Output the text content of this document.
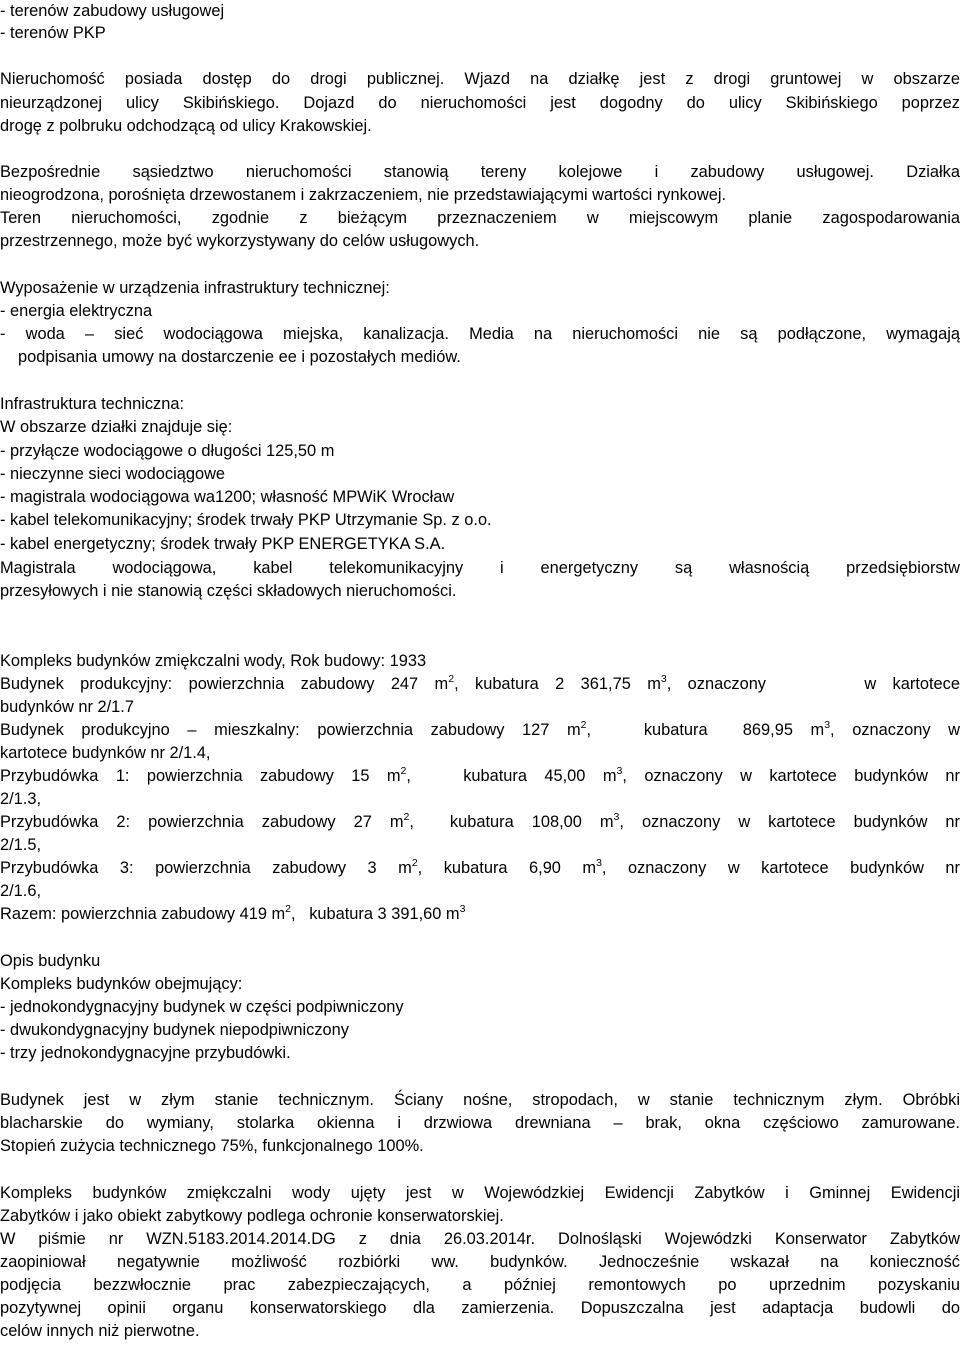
- terenów zabudowy usługowej
- terenów PKP
Nieruchomość posiada dostęp do drogi publicznej. Wjazd na działkę jest z drogi gruntowej w obszarze
nieurządzonej ulicy Skibińskiego. Dojazd do nieruchomości jest dogodny do ulicy Skibińskiego poprzez
drogę z polbruku odchodzącą od ulicy Krakowskiej.
Bezpośrednie sąsiedztwo nieruchomości stanowią tereny kolejowe i zabudowy usługowej. Działka
nieogrodzona, porośnięta drzewostanem i zakrzaczeniem, nie przedstawiającymi wartości rynkowej.
Teren nieruchomości, zgodnie z bieżącym przeznaczeniem w miejscowym planie zagospodarowania
przestrzennego, może być wykorzystywany do celów usługowych.
Wyposażenie w urządzenia infrastruktury technicznej:
- energia elektryczna
- woda – sieć wodociągowa miejska, kanalizacja. Media na nieruchomości nie są podłączone, wymagają
podpisania umowy na dostarczenie ee i pozostałych mediów.
Infrastruktura techniczna:
W obszarze działki znajduje się:
- przyłącze wodociągowe o długości 125,50 m
- nieczynne sieci wodociągowe
- magistrala wodociągowa wa1200; własność MPWiK Wrocław
- kabel telekomunikacyjny; środek trwały PKP Utrzymanie Sp. z o.o.
- kabel energetyczny; środek trwały PKP ENERGETYKA S.A.
Magistrala wodociągowa, kabel telekomunikacyjny i energetyczny są własnością przedsiębiorstw
przesyłowych i nie stanowią części składowych nieruchomości.
Kompleks budynków zmiękczalni wody, Rok budowy: 1933
Budynek produkcyjny: powierzchnia zabudowy 247 $m^2$, kubatura 2 361,75 $m^3$, oznaczony      w kartotece
budynków nr 2/1.7
Budynek produkcyjno – mieszkalny: powierzchnia zabudowy 127 $m^2$,   kubatura  869,95 $m^3$, oznaczony w
kartotece budynków nr 2/1.4,
Przybudówka 1: powierzchnia zabudowy 15 $m^2$,   kubatura 45,00 $m^3$, oznaczony w kartotece budynków nr
2/1.3,
Przybudówka 2: powierzchnia zabudowy 27 $m^2$,  kubatura 108,00 $m^3$, oznaczony w kartotece budynków nr
2/1.5,
Przybudówka 3: powierzchnia zabudowy 3 $m^2$, kubatura 6,90 $m^3$, oznaczony w kartotece budynków nr
2/1.6,
Razem: powierzchnia zabudowy 419 $m^2$,   kubatura 3 391,60 $m^3$
Opis budynku
Kompleks budynków obejmujący:
- jednokondygnacyjny budynek w części podpiwniczony
- dwukondygnacyjny budynek niepodpiwniczony
- trzy jednokondygnacyjne przybudówki.
Budynek jest w złym stanie technicznym. Ściany nośne, stropodach, w stanie technicznym złym. Obróbki
blacharskie do wymiany, stolarka okienna i drzwiowa drewniana – brak, okna częściowo zamurowane.
Stopień zużycia technicznego 75%, funkcjonalnego 100%.
Kompleks budynków zmiękczalni wody ujęty jest w Wojewódzkiej Ewidencji Zabytków i Gminnej Ewidencji
Zabytków i jako obiekt zabytkowy podlega ochronie konserwatorskiej.
W piśmie nr WZN.5183.2014.2014.DG z dnia 26.03.2014r. Dolnośląski Wojewódzki Konserwator Zabytków
zaopiniował negatywnie możliwość rozbiórki ww. budynków. Jednocześnie wskazał na konieczność
podjęcia bezzwłocznie prac zabezpieczających, a później remontowych po uprzednim pozyskaniu
pozytywnej opinii organu konserwatorskiego dla zamierzenia. Dopuszczalna jest adaptacja budowli do
celów innych niż pierwotne.
